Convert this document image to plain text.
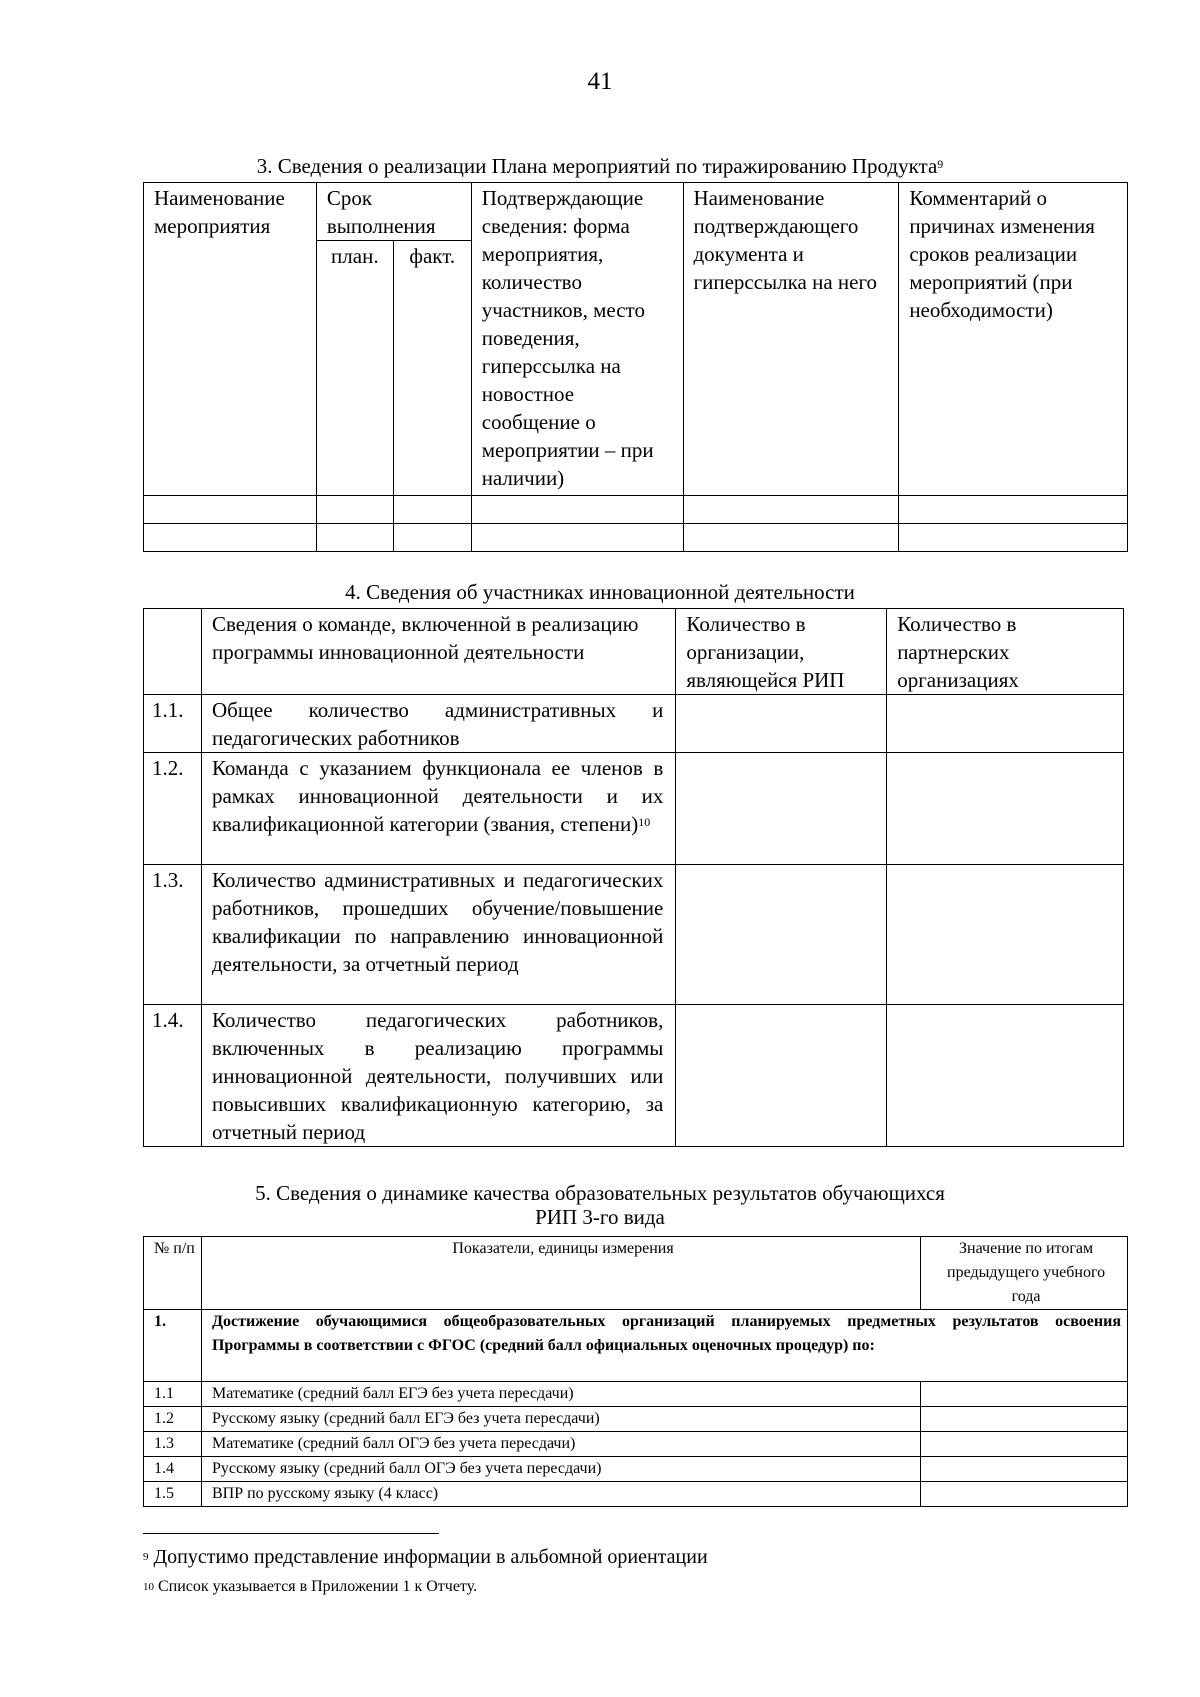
41
3. Сведения о реализации Плана мероприятий по тиражированию Продукта$^9$
Наименование мероприятия	Срок выполнения		Подтверждающие сведения: форма мероприятия, количество участников, место поведения, гиперссылка на новостное сообщение о мероприятии – при наличии)	Наименование подтверждающего документа и гиперссылка на него	Комментарий о причинах изменения сроков реализации мероприятий (при необходимости)
	план.	факт.			

4. Сведения об участниках инновационной деятельности
	Сведения о команде, включенной в реализацию программы инновационной деятельности	Количество в организации, являющейся РИП	Количество в партнерских организациях
1.1.	Общее количество административных и педагогических работников		
1.2.	Команда с указанием функционала ее членов в рамках инновационной деятельности и их квалификационной категории (звания, степени)$^{10}$		
1.3.	Количество административных и педагогических работников, прошедших обучение/повышение квалификации по направлению инновационной деятельности, за отчетный период		
1.4.	Количество педагогических работников, включенных в реализацию программы инновационной деятельности, получивших или повысивших квалификационную категорию, за отчетный период		
5. Сведения о динамике качества образовательных результатов обучающихся
РИП 3-го вида
№ п/п	Показатели, единицы измерения	Значение по итогам предыдущего учебного года
1.	Достижение обучающимися общеобразовательных организаций планируемых предметных результатов освоения Программы в соответствии с ФГОС (средний балл официальных оценочных процедур) по:	
1.1	Математике (средний балл ЕГЭ без учета пересдачи)	
1.2	Русскому языку (средний балл ЕГЭ без учета пересдачи)	
1.3	Математике (средний балл ОГЭ без учета пересдачи)	
1.4	Русскому языку (средний балл ОГЭ без учета пересдачи)	
1.5	ВПР по русскому языку (4 класс)	
$^9$ Допустимо представление информации в альбомной ориентации
$^{10}$ Список указывается в Приложении 1 к Отчету.
